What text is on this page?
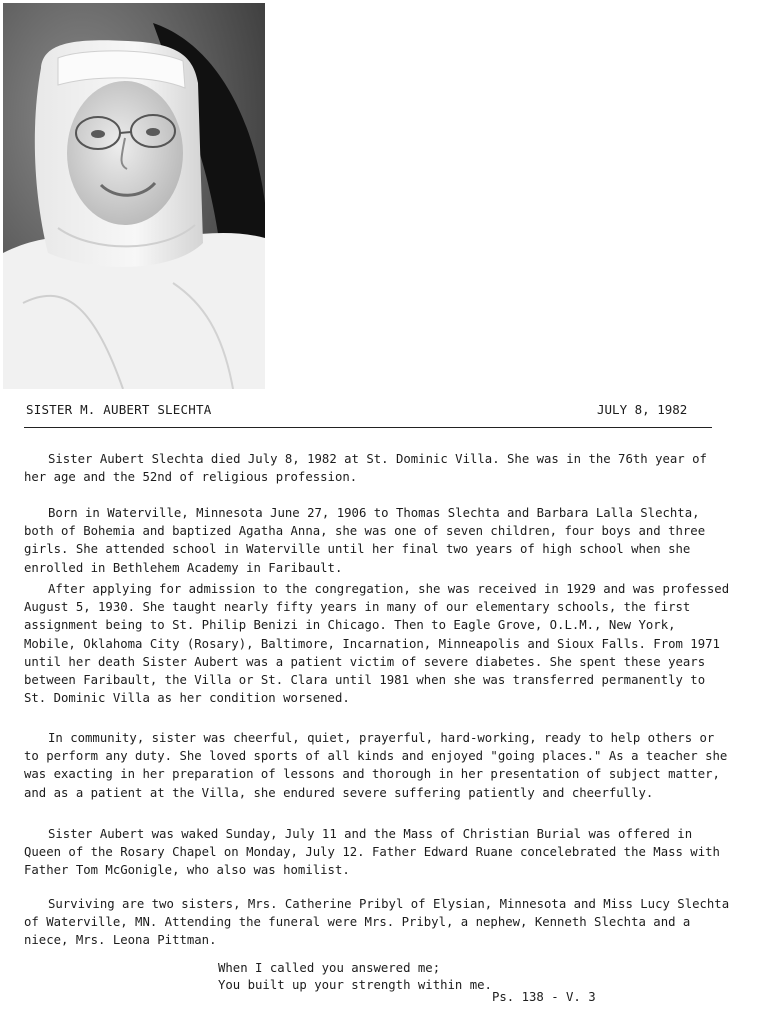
SISTER M. AUBERT SLECHTA	JULY 8, 1982

Sister Aubert Slechta died July 8, 1982 at St. Dominic Villa. She was in the 76th year of her age and the 52nd of religious profession.

Born in Waterville, Minnesota June 27, 1906 to Thomas Slechta and Barbara Lalla Slechta, both of Bohemia and baptized Agatha Anna, she was one of seven children, four boys and three girls. She attended school in Waterville until her final two years of high school when she enrolled in Bethlehem Academy in Faribault.

After applying for admission to the congregation, she was received in 1929 and was professed August 5, 1930. She taught nearly fifty years in many of our elementary schools, the first assignment being to St. Philip Benizi in Chicago. Then to Eagle Grove, O.L.M., New York, Mobile, Oklahoma City (Rosary), Baltimore, Incarnation, Minneapolis and Sioux Falls. From 1971 until her death Sister Aubert was a patient victim of severe diabetes. She spent these years between Faribault, the Villa or St. Clara until 1981 when she was transferred permanently to St. Dominic Villa as her condition worsened.

In community, sister was cheerful, quiet, prayerful, hard-working, ready to help others or to perform any duty. She loved sports of all kinds and enjoyed "going places." As a teacher she was exacting in her preparation of lessons and thorough in her presentation of subject matter, and as a patient at the Villa, she endured severe suffering patiently and cheerfully.

Sister Aubert was waked Sunday, July 11 and the Mass of Christian Burial was offered in Queen of the Rosary Chapel on Monday, July 12. Father Edward Ruane concelebrated the Mass with Father Tom McGonigle, who also was homilist.

Surviving are two sisters, Mrs. Catherine Pribyl of Elysian, Minnesota and Miss Lucy Slechta of Waterville, MN. Attending the funeral were Mrs. Pribyl, a nephew, Kenneth Slechta and a niece, Mrs. Leona Pittman.

When I called you answered me;
You built up your strength within me.
Ps. 138 - V. 3
